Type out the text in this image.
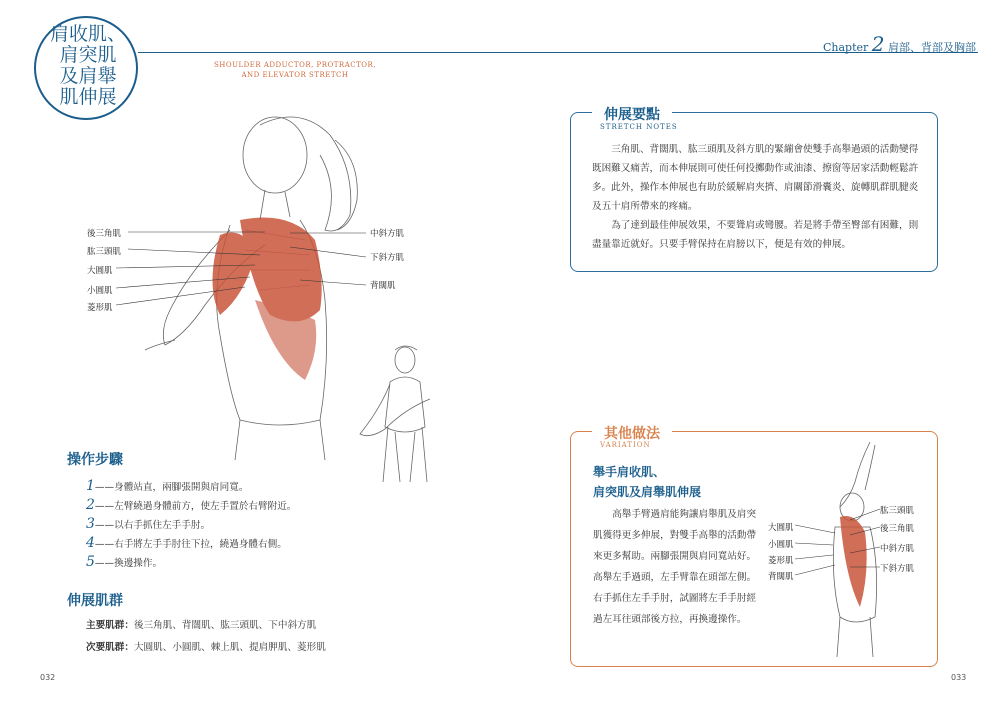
肩收肌、
肩突肌
及肩舉
肌伸展
SHOULDER ADDUCTOR, PROTRACTOR, AND ELEVATOR STRETCH
Chapter 2 肩部、背部及胸部
後三角肌
肱三頭肌
大圓肌
小圓肌
菱形肌
中斜方肌
下斜方肌
背闊肌
操作步驟
1——身體站直，兩腳張開與肩同寬。
2——左臂繞過身體前方，使左手置於右臂附近。
3——以右手抓住左手手肘。
4——右手將左手手肘往下拉，繞過身體右側。
5——換邊操作。
伸展肌群
主要肌群：後三角肌、背闊肌、肱三頭肌、下中斜方肌
次要肌群：大圓肌、小圓肌、棘上肌、提肩胛肌、菱形肌
伸展要點
STRETCH NOTES

三角肌、背闊肌、肱三頭肌及斜方肌的緊繃會使雙手高舉過頭的活動變得既困難又痛苦，而本伸展則可使任何投擲動作或油漆、擦窗等居家活動輕鬆許多。此外，操作本伸展也有助於緩解肩夾擠、肩關節滑囊炎、旋轉肌群肌腱炎及五十肩所帶來的疼痛。

為了達到最佳伸展效果，不要聳肩或彎腰。若是將手帶至臀部有困難，則盡量靠近就好。只要手臂保持在肩膀以下，便是有效的伸展。

其他做法
VARIATION
舉手肩收肌、
肩突肌及肩舉肌伸展

高舉手臂過肩能夠讓肩舉肌及肩突肌獲得更多伸展，對雙手高舉的活動帶來更多幫助。兩腳張開與肩同寬站好。高舉左手過頭，左手臂靠在頭部左側。右手抓住左手手肘，試圖將左手手肘經過左耳往頭部後方拉，再換邊操作。

大圓肌
小圓肌
菱形肌
背闊肌
肱三頭肌
後三角肌
中斜方肌
下斜方肌
032	033
